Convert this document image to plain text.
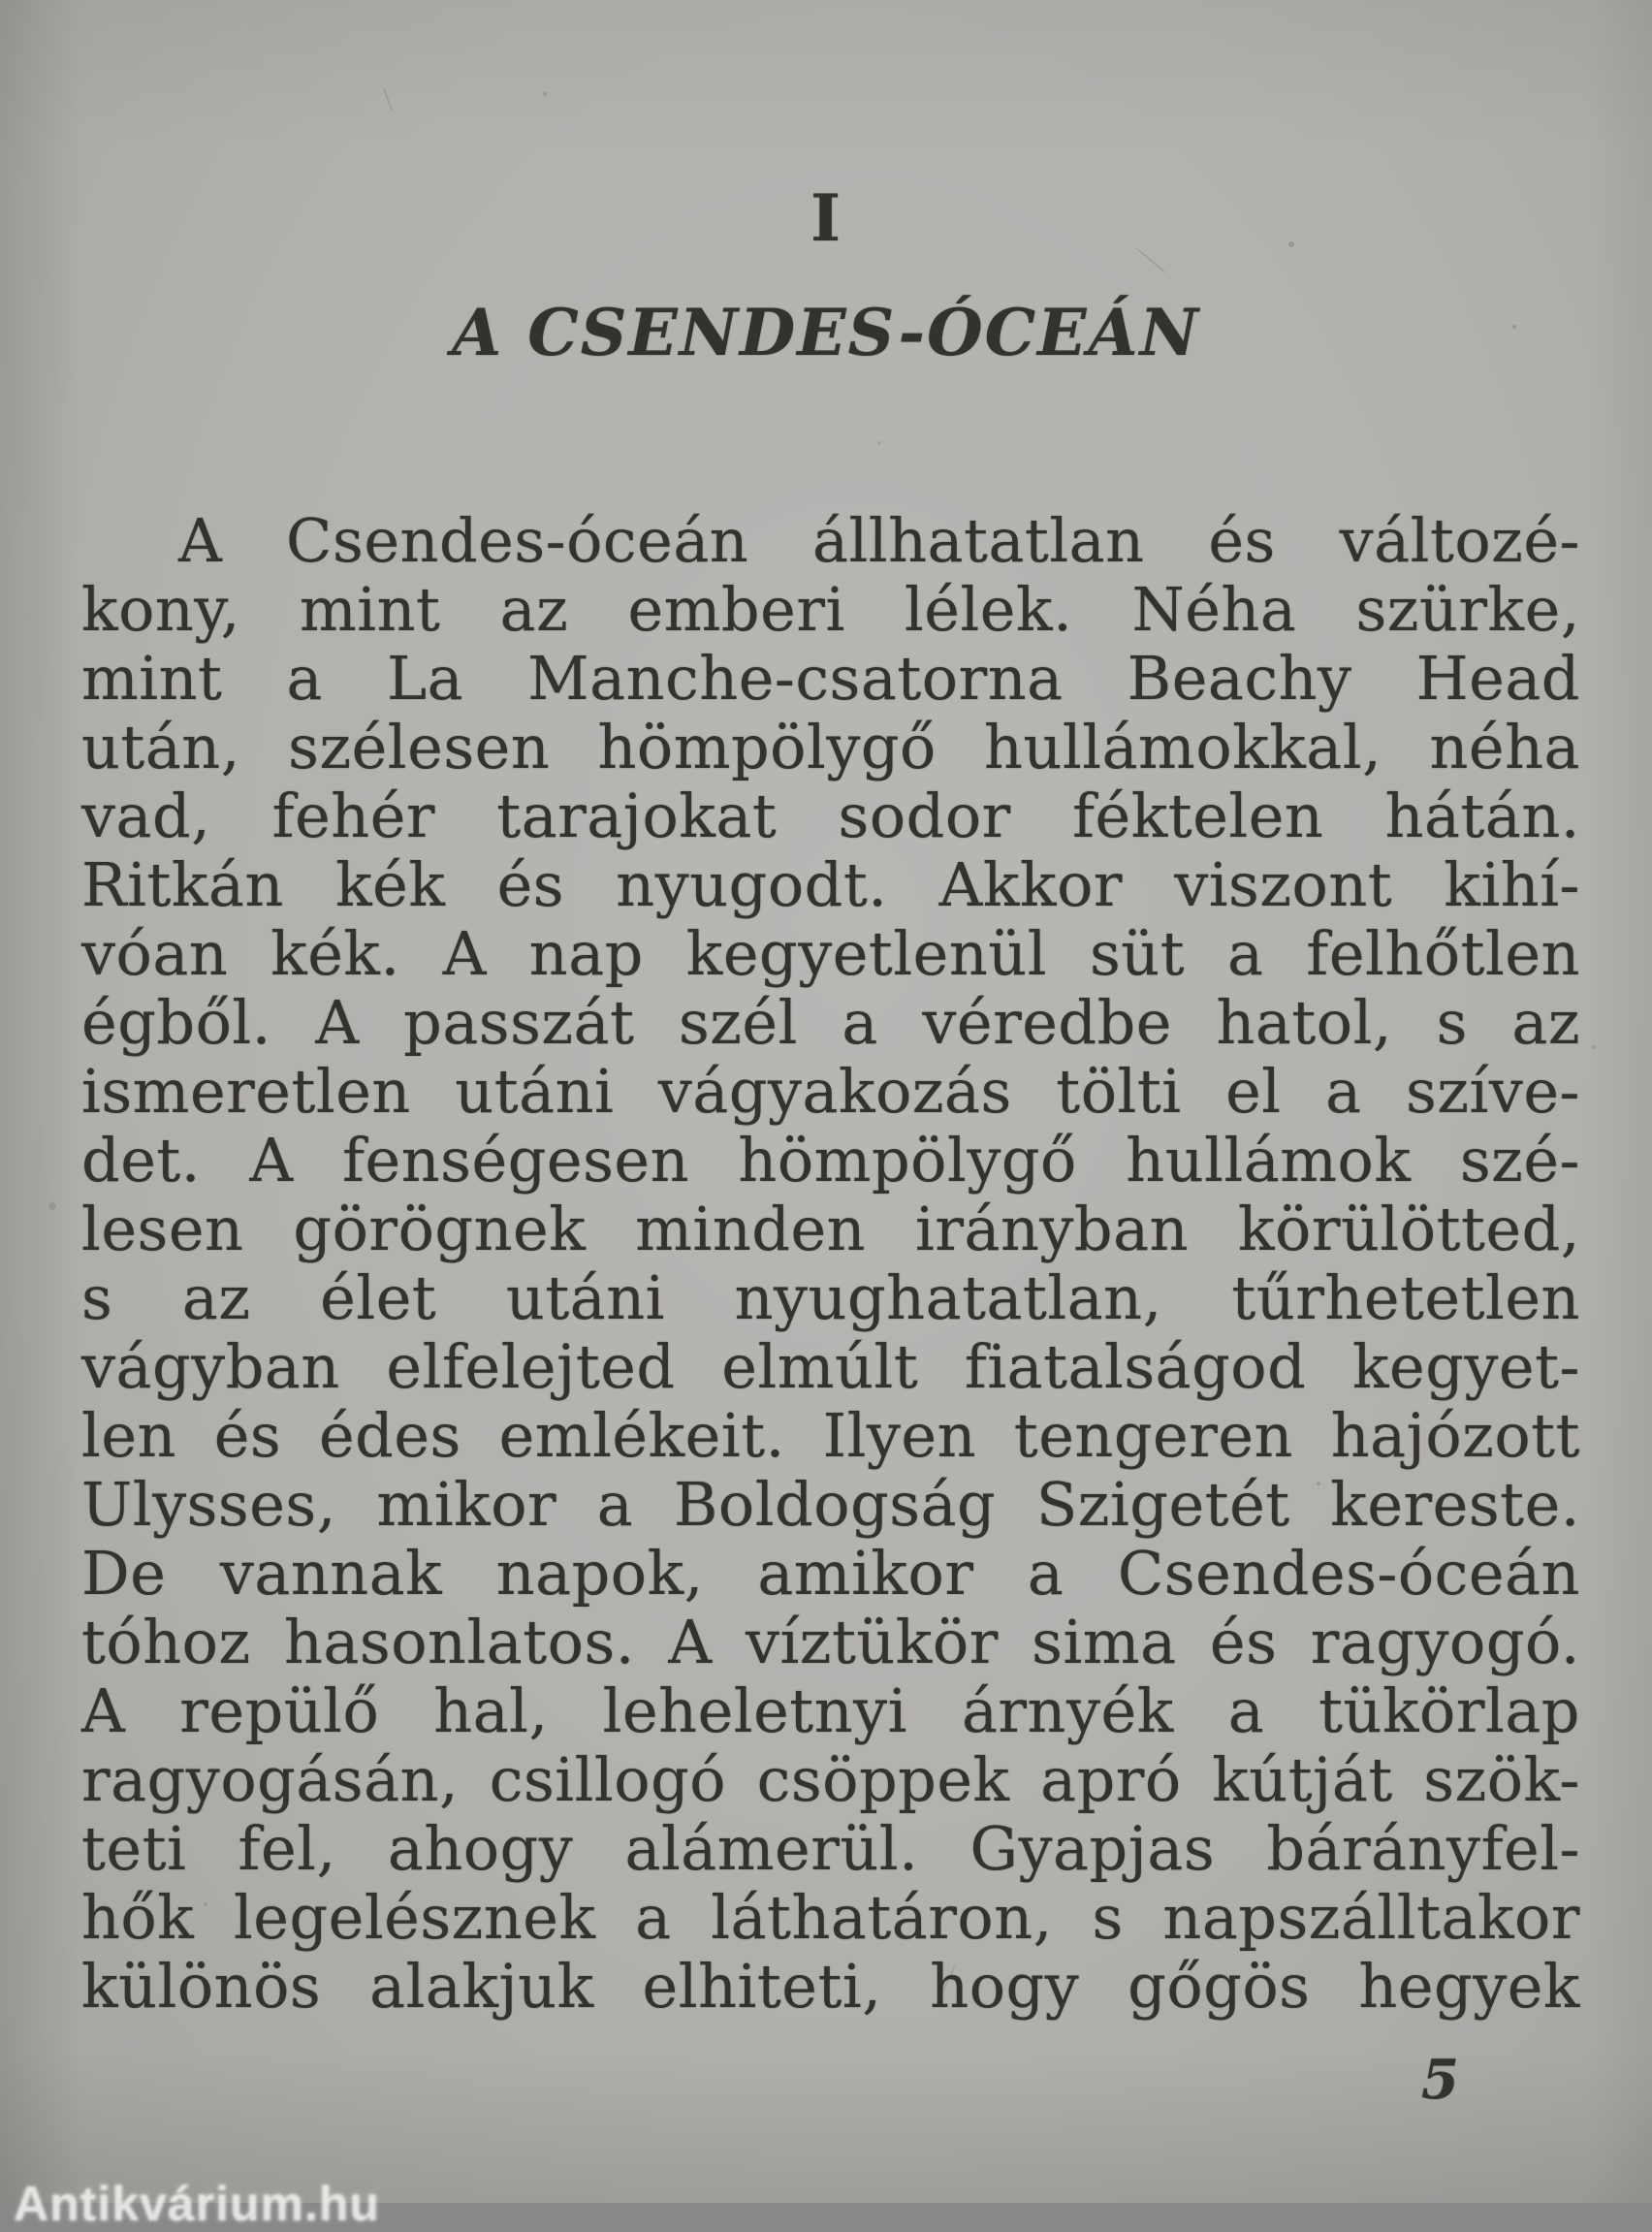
I
A CSENDES-ÓCEÁN
A Csendes-óceán állhatatlan és változé-
kony, mint az emberi lélek. Néha szürke,
mint a La Manche-csatorna Beachy Head
után, szélesen hömpölygő hullámokkal, néha
vad, fehér tarajokat sodor féktelen hátán.
Ritkán kék és nyugodt. Akkor viszont kihí-
vóan kék. A nap kegyetlenül süt a felhőtlen
égből. A passzát szél a véredbe hatol, s az
ismeretlen utáni vágyakozás tölti el a szíve-
det. A fenségesen hömpölygő hullámok szé-
lesen görögnek minden irányban körülötted,
s az élet utáni nyughatatlan, tűrhetetlen
vágyban elfelejted elmúlt fiatalságod kegyet-
len és édes emlékeit. Ilyen tengeren hajózott
Ulysses, mikor a Boldogság Szigetét kereste.
De vannak napok, amikor a Csendes-óceán
tóhoz hasonlatos. A víztükör sima és ragyogó.
A repülő hal, leheletnyi árnyék a tükörlap
ragyogásán, csillogó csöppek apró kútját szök-
teti fel, ahogy alámerül. Gyapjas bárányfel-
hők legelésznek a láthatáron, s napszálltakor
különös alakjuk elhiteti, hogy gőgös hegyek
5
Antikvárium.hu
